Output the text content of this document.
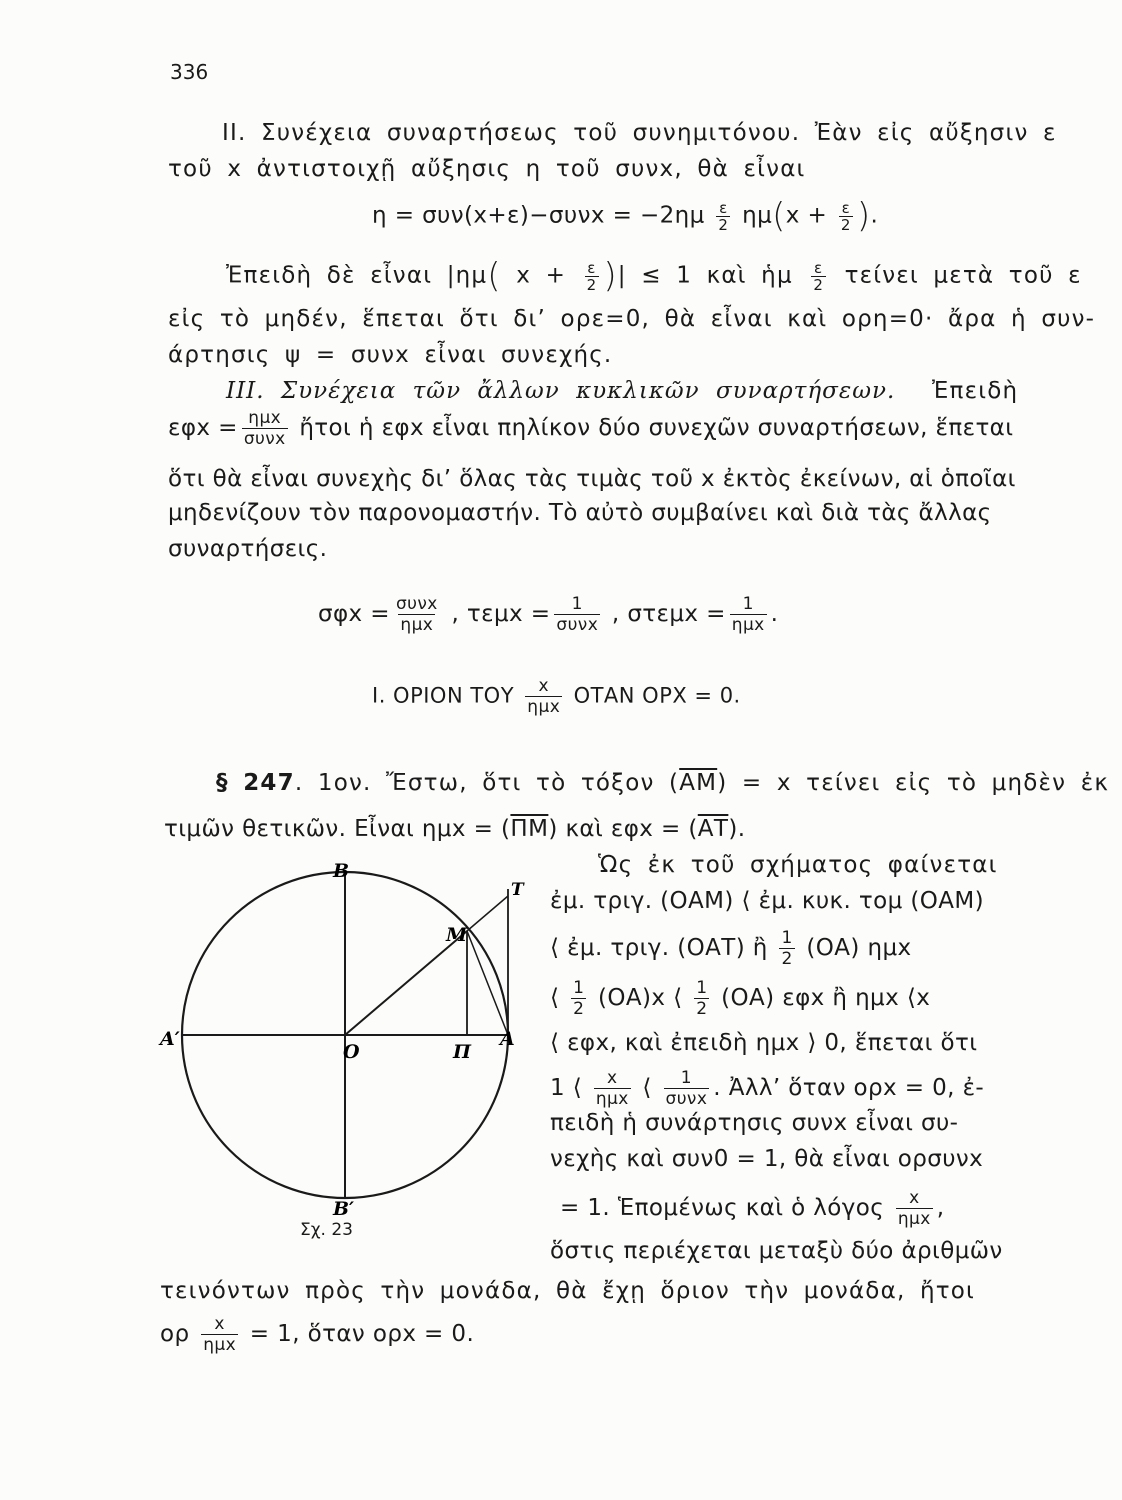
336
II. Συνέχεια συναρτήσεως τοῦ συνημιτόνου. Ἐὰν εἰς αὔξησιν ε
τοῦ x ἀντιστοιχῇ αὔξησις η τοῦ συνx, θὰ εἶναι
$\eta = \sigma\upsilon\nu(x+\varepsilon)-\sigma\upsilon\nu x = -2\eta\mu \frac{\varepsilon}{2} \eta\mu(x + \frac{\varepsilon}{2}$ ).
Ἐπειδὴ δὲ εἶναι |ημ( $x + \frac{\varepsilon}{2}$ )| ≤ 1 καὶ ἡμ $\frac{\varepsilon}{2}$ τείνει μετὰ τοῦ ε
εἰς τὸ μηδέν, ἕπεται ὅτι δι’ ορε=0, θὰ εἶναι καὶ ορη=0· ἄρα ἡ συν-
άρτησις ψ = συνx εἶναι συνεχής.
III. Συνέχεια τῶν ἄλλων κυκλικῶν συναρτήσεων. Ἐπειδὴ
$\varepsilon\varphi x = \frac{\text{ημx}}{\text{συνx}}$ ἤτοι ἡ εφx εἶναι πηλίκον δύο συνεχῶν συναρτήσεων, ἕπεται
ὅτι θὰ εἶναι συνεχὴς δι’ ὅλας τὰς τιμὰς τοῦ x ἐκτὸς ἐκείνων, αἱ ὁποῖαι
μηδενίζουν τὸν παρονομαστήν. Τὸ αὐτὸ συμβαίνει καὶ διὰ τὰς ἄλλας
συναρτήσεις.
$\sigma\varphi x = \frac{\text{συνx}}{\text{ημx}}$ , $\tau\varepsilon\mu x = \frac{1}{\text{συνx}}$ , $\sigma\tau\varepsilon\mu x = \frac{1}{\text{ημx}}$ .
I. ΟΡΙΟΝ ΤΟΥ $\frac{x}{\text{ημx}}$ ΟΤΑΝ ΟΡΧ = 0.
§ 247. 1ον. Ἔστω, ὅτι τὸ τόξον $(\overline{AM}) = x$ τείνει εἰς τὸ μηδὲν ἐκ
τιμῶν θετικῶν. Εἶναι $\eta\mu x = (\overline{\Pi M})$ καὶ $\varepsilon\varphi x = (\overline{AT})$.
B
B′
T
M
A′	A
O	Π
Σχ. 23
Ὡς ἐκ τοῦ σχήματος φαίνεται
ἐμ. τριγ. (ΟΑΜ) ⟨ ἐμ. κυκ. τομ (ΟΑΜ)
⟨ ἐμ. τριγ. (ΟΑΤ) ἢ $\frac{1}{2} (OA)$ ημx
⟨ $\frac{1}{2} (OA)x$ ⟨ $\frac{1}{2} (OA)$ εφx ἢ ημx ⟨x
⟨ εφx, καὶ ἐπειδὴ ημx ⟩ 0, ἕπεται ὅτι
1 ⟨ $\frac{x}{\text{ημx}}$ ⟨ $\frac{1}{\text{συνx}}$ . Ἀλλ’ ὅταν ορx = 0, ἐ-
πειδὴ ἡ συνάρτησις συνx εἶναι συ-
νεχὴς καὶ συν0 = 1, θὰ εἶναι ορσυνx
= 1. Ἑπομένως καὶ ὁ λόγος $\frac{x}{\text{ημx}}$ ,
ὅστις περιέχεται μεταξὺ δύο ἀριθμῶν
τεινόντων πρὸς τὴν μονάδα, θὰ ἔχῃ ὅριον τὴν μονάδα, ἤτοι
ορ $\frac{x}{\text{ημx}} = 1$, ὅταν ορx = 0.
